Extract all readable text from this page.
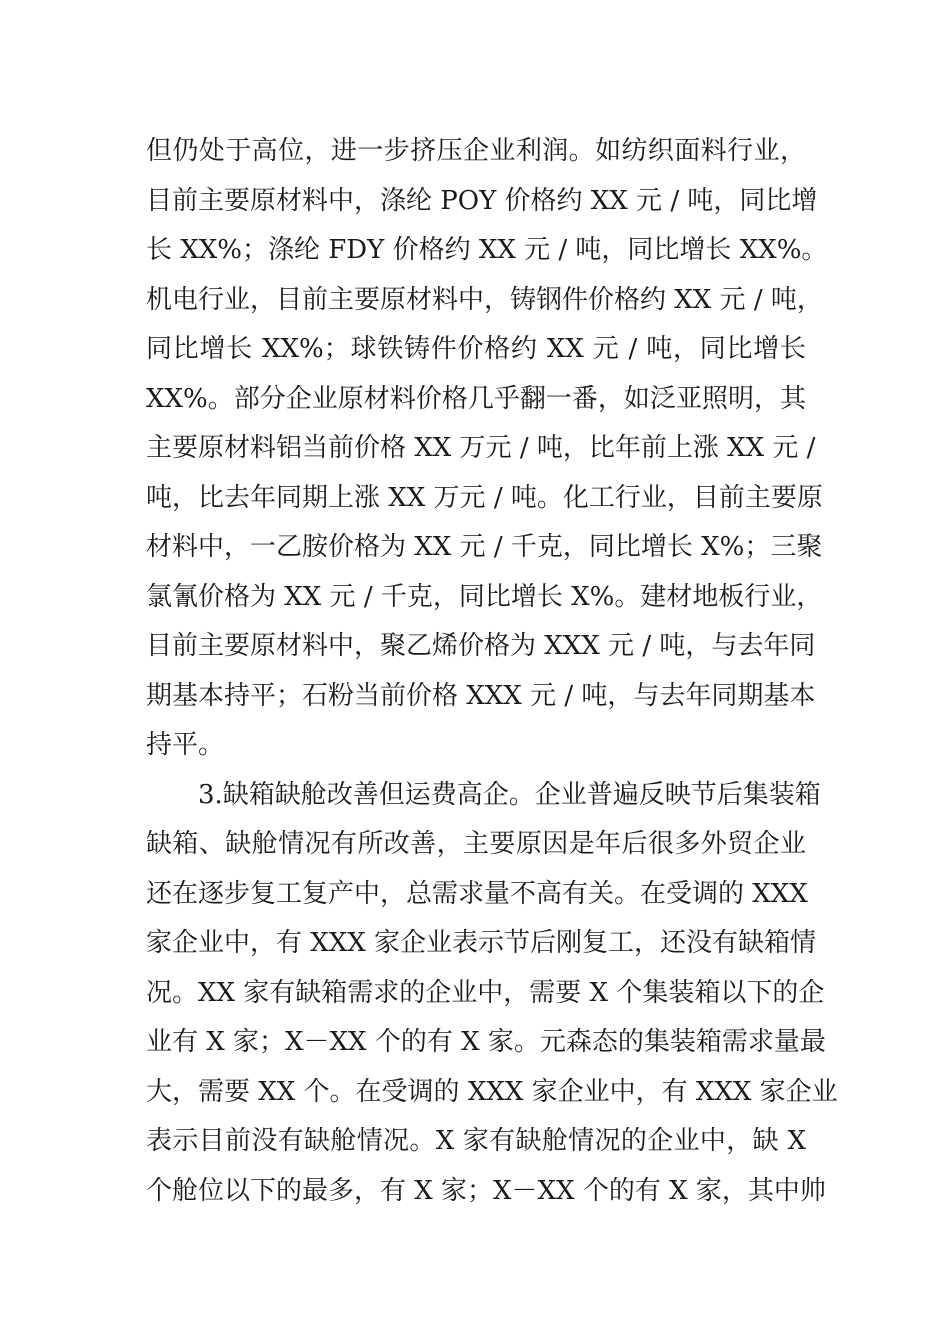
但仍处于高位，进一步挤压企业利润。如纺织面料行业，
目前主要原材料中，涤纶 POY 价格约 XX 元 / 吨，同比增
长 XX%；涤纶 FDY 价格约 XX 元 / 吨，同比增长 XX%。
机电行业，目前主要原材料中，铸钢件价格约 XX 元 / 吨，
同比增长 XX%；球铁铸件价格约 XX 元 / 吨，同比增长
XX%。部分企业原材料价格几乎翻一番，如泛亚照明，其
主要原材料铝当前价格 XX 万元 / 吨，比年前上涨 XX 元 /
吨，比去年同期上涨 XX 万元 / 吨。化工行业，目前主要原
材料中，一乙胺价格为 XX 元 / 千克，同比增长 X%；三聚
氯氰价格为 XX 元 / 千克，同比增长 X%。建材地板行业，
目前主要原材料中，聚乙烯价格为 XXX 元 / 吨，与去年同
期基本持平；石粉当前价格 XXX 元 / 吨，与去年同期基本
持平。
3.缺箱缺舱改善但运费高企。企业普遍反映节后集装箱
缺箱、缺舱情况有所改善，主要原因是年后很多外贸企业
还在逐步复工复产中，总需求量不高有关。在受调的 XXX
家企业中，有 XXX 家企业表示节后刚复工，还没有缺箱情
况。XX 家有缺箱需求的企业中，需要 X 个集装箱以下的企
业有 X 家；X－XX 个的有 X 家。元森态的集装箱需求量最
大，需要 XX 个。在受调的 XXX 家企业中，有 XXX 家企业
表示目前没有缺舱情况。X 家有缺舱情况的企业中，缺 X
个舱位以下的最多，有 X 家；X－XX 个的有 X 家，其中帅
